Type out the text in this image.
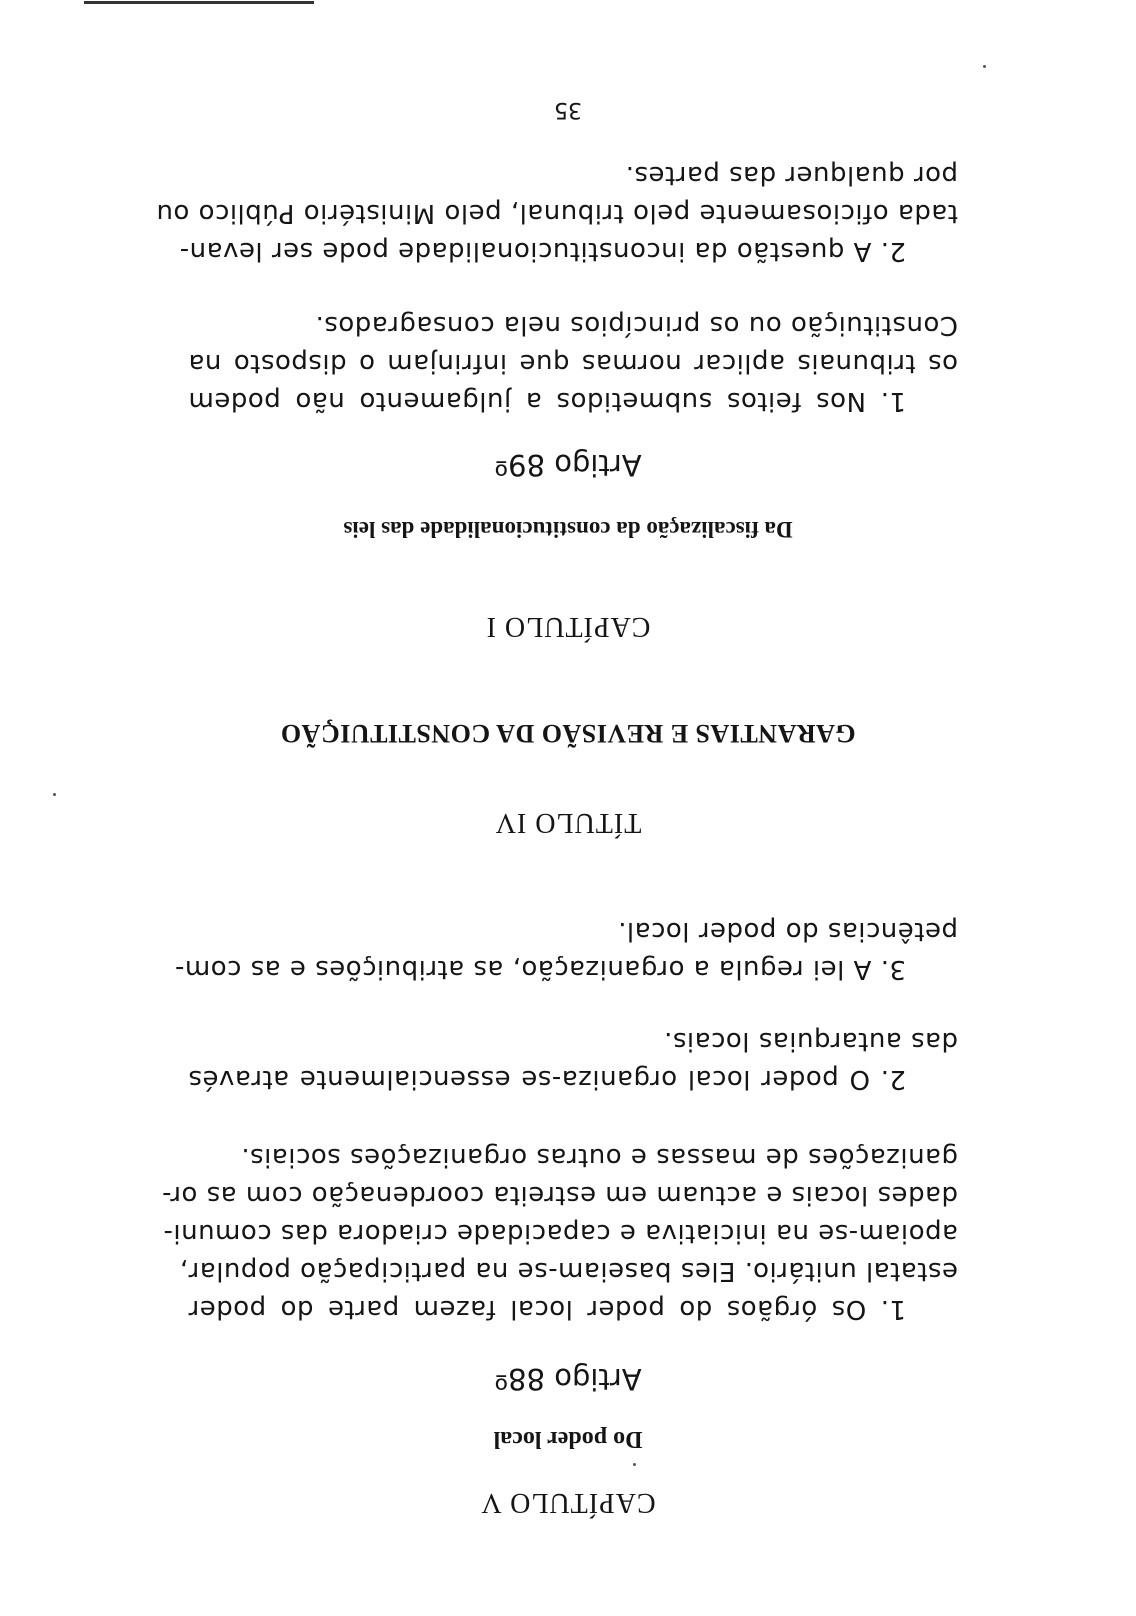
CAPÍTULO V
Do poder local
Artigo 88º
1. Os órgãos do poder local fazem parte do poder
estatal unitário. Eles baseiam-se na participação popular,
apoiam-se na iniciativa e capacidade criadora das comuni-
dades locais e actuam em estreita coordenação com as or-
ganizações de massas e outras organizações sociais.
2. O poder local organiza-se essencialmente através
das autarquias locais.
3. A lei regula a organização, as atribuições e as com-
petências do poder local.
TÍTULO IV
GARANTIAS E REVISÃO DA CONSTITUIÇÃO
CAPÍTULO I
Da fiscalização da constitucionalidade das leis
Artigo 89º
1. Nos feitos submetidos a julgamento não podem
os tribunais aplicar normas que infrinjam o disposto na
Constituição ou os princípios nela consagrados.
2. A questão da inconstitucionalidade pode ser levan-
tada oficiosamente pelo tribunal, pelo Ministério Público ou
por qualquer das partes.
35
